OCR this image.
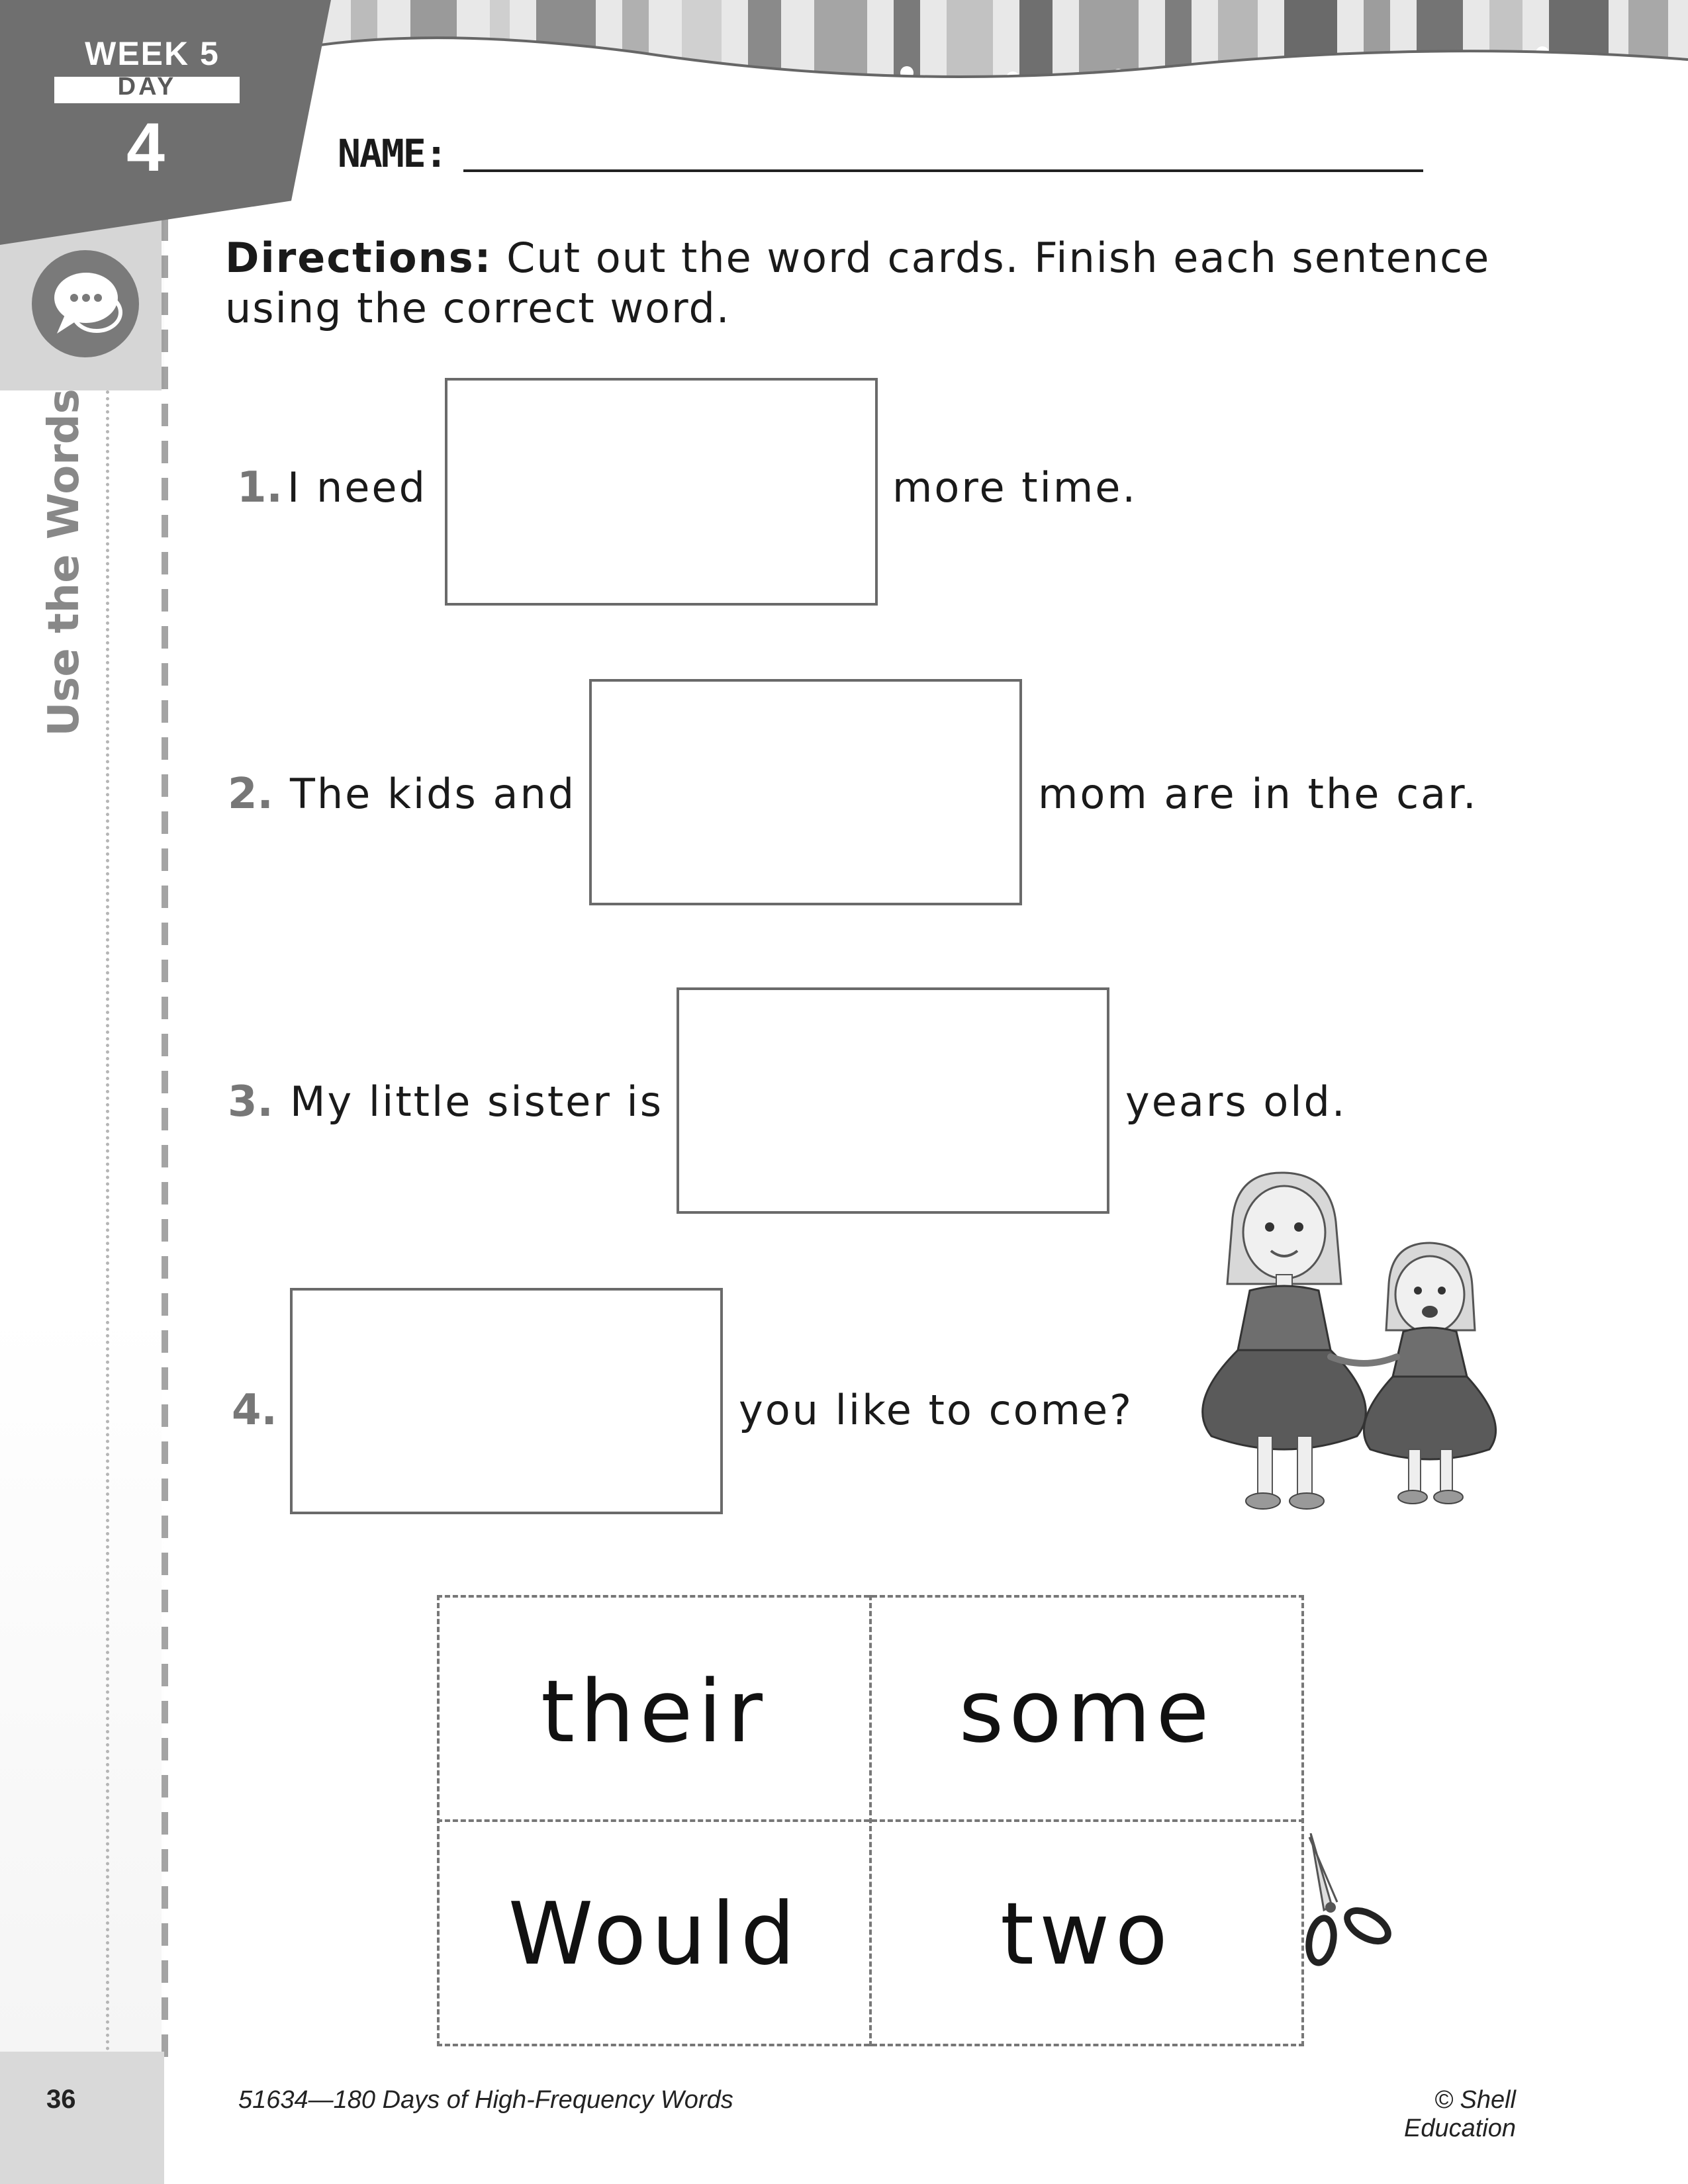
WEEK 5
DAY
4
Use the Words
NAME:
Directions: Cut out the word cards. Finish each sentence
using the correct word.
1. I need	more time.
2. The kids and	mom are in the car.
3. My little sister is	years old.
4.	you like to come?
their	some
Would	two
36	51634—180 Days of High-Frequency Words	© Shell Education
